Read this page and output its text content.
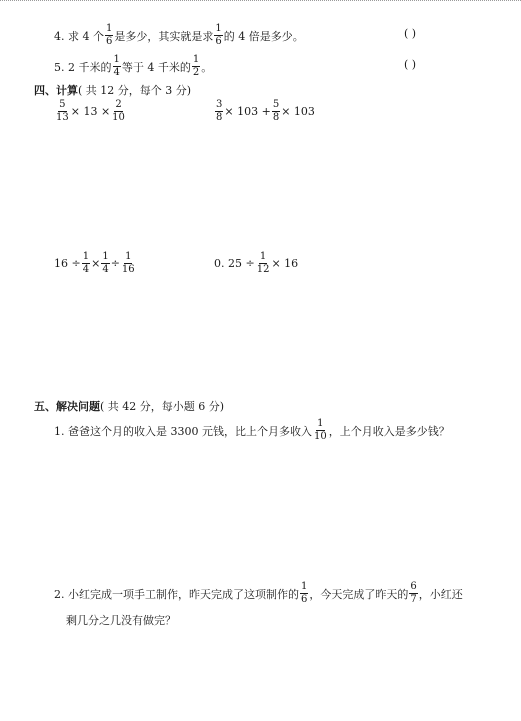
4. 求 4 个 $\frac{1}{6}$ 是多少，其实就是求 $\frac{1}{6}$ 的 4 倍是多少。	( )
5. 2 千米的 $\frac{1}{4}$ 等于 4 千米的 $\frac{1}{2}$ 。	( )
四、计算( 共 12 分，每个 3 分)
$\frac{5}{13} \times 13 \times \frac{2}{10}$	$\frac{3}{8} \times 103 + \frac{5}{8} \times 103$
$16 \div \frac{1}{4} \times \frac{1}{4} \div \frac{1}{16}$	0. $25 \div \frac{1}{12} \times 16$
五、解决问题( 共 42 分，每小题 6 分)
1. 爸爸这个月的收入是 3300 元钱，比上个月多收入 $\frac{1}{10}$ ，上个月收入是多少钱？
2. 小红完成一项手工制作，昨天完成了这项制作的 $\frac{1}{6}$ ，今天完成了昨天的 $\frac{6}{7}$ ，小红还
剩几分之几没有做完？
